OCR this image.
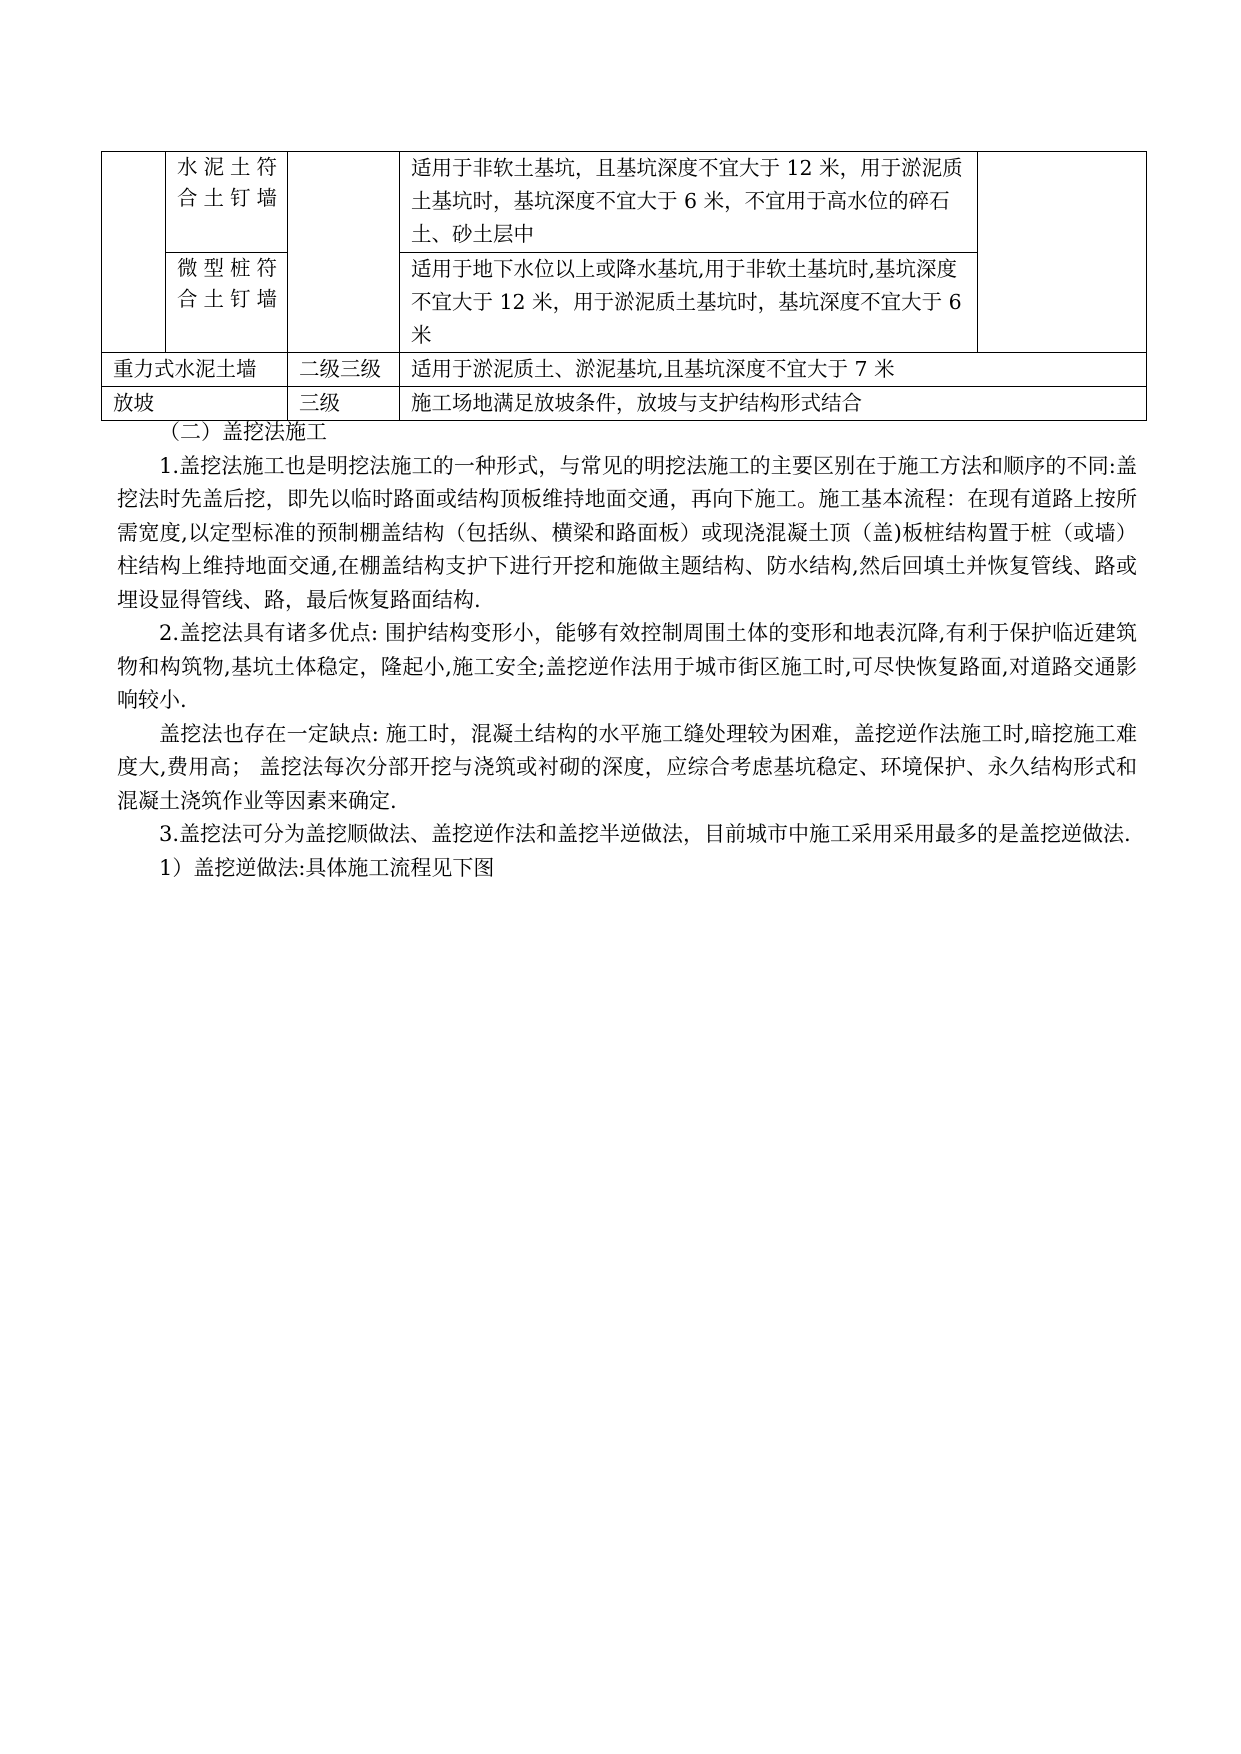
	水泥土符合土钉墙		适用于非软土基坑，且基坑深度不宜大于 12 米，用于淤泥质土基坑时，基坑深度不宜大于 6 米，不宜用于高水位的碎石土、砂土层中	

	微型桩符合土钉墙		适用于地下水位以上或降水基坑,用于非软土基坑时,基坑深度不宜大于 12 米，用于淤泥质土基坑时，基坑深度不宜大于 6 米	
重力式水泥土墙		二级三级	适用于淤泥质土、淤泥基坑,且基坑深度不宜大于 7 米	
放坡		三级	施工场地满足放坡条件，放坡与支护结构形式结合	

（二）盖挖法施工

1.盖挖法施工也是明挖法施工的一种形式，与常见的明挖法施工的主要区别在于施工方法和顺序的不同:盖挖法时先盖后挖，即先以临时路面或结构顶板维持地面交通，再向下施工。施工基本流程：在现有道路上按所需宽度,以定型标准的预制棚盖结构（包括纵、横梁和路面板）或现浇混凝土顶（盖)板桩结构置于桩（或墙）柱结构上维持地面交通,在棚盖结构支护下进行开挖和施做主题结构、防水结构,然后回填土并恢复管线、路或埋设显得管线、路，最后恢复路面结构.

2.盖挖法具有诸多优点: 围护结构变形小，能够有效控制周围土体的变形和地表沉降,有利于保护临近建筑物和构筑物,基坑土体稳定，隆起小,施工安全;盖挖逆作法用于城市街区施工时,可尽快恢复路面,对道路交通影响较小.

盖挖法也存在一定缺点: 施工时，混凝土结构的水平施工缝处理较为困难，盖挖逆作法施工时,暗挖施工难度大,费用高； 盖挖法每次分部开挖与浇筑或衬砌的深度，应综合考虑基坑稳定、环境保护、永久结构形式和混凝土浇筑作业等因素来确定.

3.盖挖法可分为盖挖顺做法、盖挖逆作法和盖挖半逆做法，目前城市中施工采用采用最多的是盖挖逆做法.

1）盖挖逆做法:具体施工流程见下图
